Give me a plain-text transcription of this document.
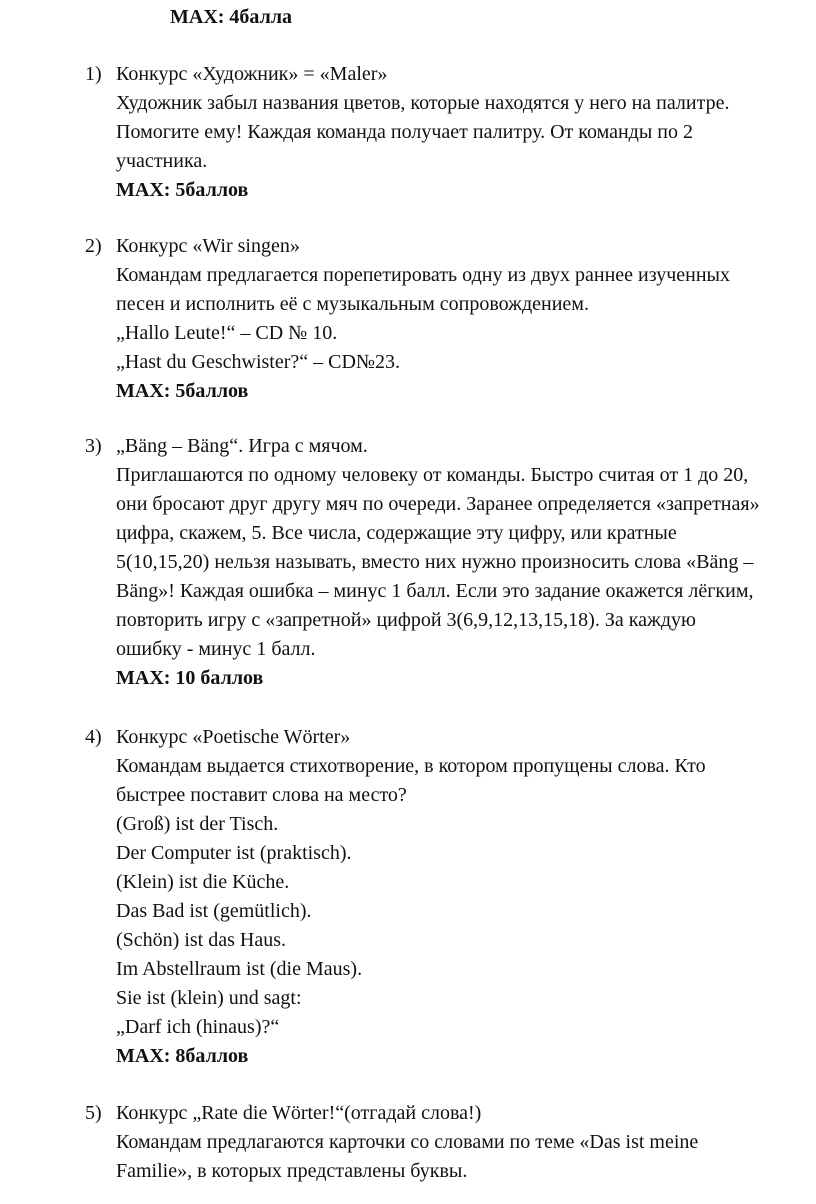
MAX: 4балла
1) Конкурс «Художник» = «Maler»
Художник забыл названия цветов, которые находятся у него на палитре.
Помогите ему! Каждая команда получает палитру. От команды по 2
участника.
MAX: 5баллов
2) Конкурс «Wir singen»
Командам предлагается порепетировать одну из двух раннее изученных
песен и исполнить её с музыкальным сопровождением.
„Hallo Leute!“ – CD № 10.
„Hast du Geschwister?“ – CD№23.
MAX: 5баллов
3) „Bäng – Bäng“. Игра с мячом.
Приглашаются по одному человеку от команды. Быстро считая от 1 до 20,
они бросают друг другу мяч по очереди. Заранее определяется «запретная»
цифра, скажем, 5. Все числа, содержащие эту цифру, или кратные
5(10,15,20) нельзя называть, вместо них нужно произносить слова «Bäng –
Bäng»! Каждая ошибка – минус 1 балл. Если это задание окажется лёгким,
повторить игру с «запретной» цифрой 3(6,9,12,13,15,18). За каждую
ошибку - минус 1 балл.
MAX: 10 баллов
4) Конкурс «Poetische Wörter»
Командам выдается стихотворение, в котором пропущены слова. Кто
быстрее поставит слова на место?
(Groß) ist der Tisch.
Der Computer ist (praktisch).
(Klein) ist die Küche.
Das Bad ist (gemütlich).
(Schön) ist das Haus.
Im Abstellraum ist (die Maus).
Sie ist (klein) und sagt:
„Darf ich (hinaus)?“
MAX: 8баллов
5) Конкурс „Rate die Wörter!“(отгадай слова!)
Командам предлагаются карточки со словами по теме «Das ist meine
Familie», в которых представлены буквы.
